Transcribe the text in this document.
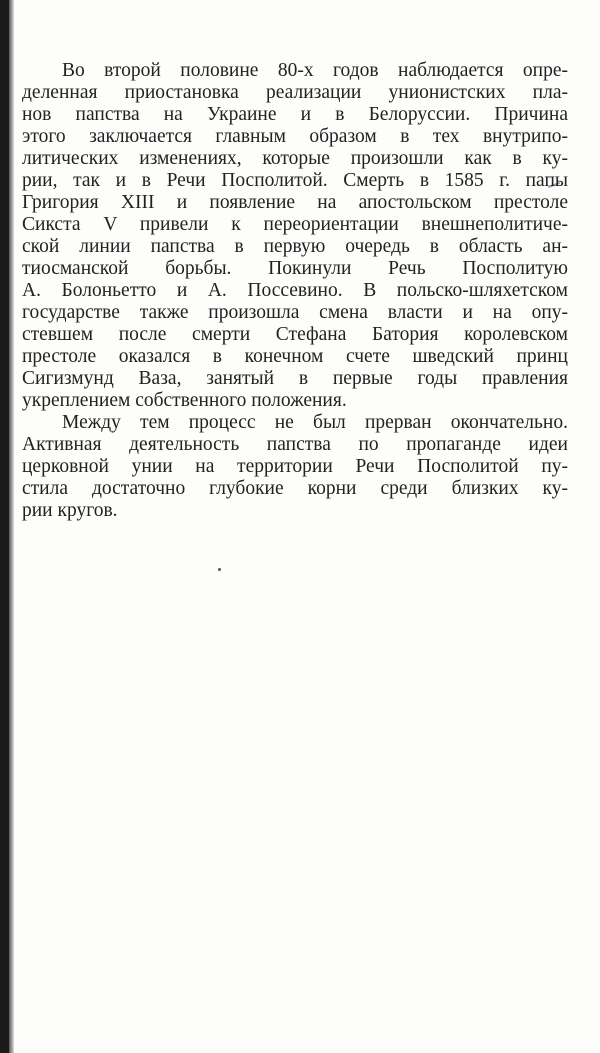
Во второй половине 80-х годов наблюдается опре-
деленная приостановка реализации унионистских пла-
нов папства на Украине и в Белоруссии. Причина
этого заключается главным образом в тех внутрипо-
литических изменениях, которые произошли как в ку-
рии, так и в Речи Посполитой. Смерть в 1585 г. папы
Григория XIII и появление на апостольском престоле
Сикста V привели к переориентации внешнеполитиче-
ской линии папства в первую очередь в область ан-
тиосманской борьбы. Покинули Речь Посполитую
А. Болоньетто и А. Поссевино. В польско-шляхетском
государстве также произошла смена власти и на опу-
стевшем после смерти Стефана Батория королевском
престоле оказался в конечном счете шведский принц
Сигизмунд Ваза, занятый в первые годы правления
укреплением собственного положения.
Между тем процесс не был прерван окончательно.
Активная деятельность папства по пропаганде идеи
церковной унии на территории Речи Посполитой пу-
стила достаточно глубокие корни среди близких ку-
рии кругов.
